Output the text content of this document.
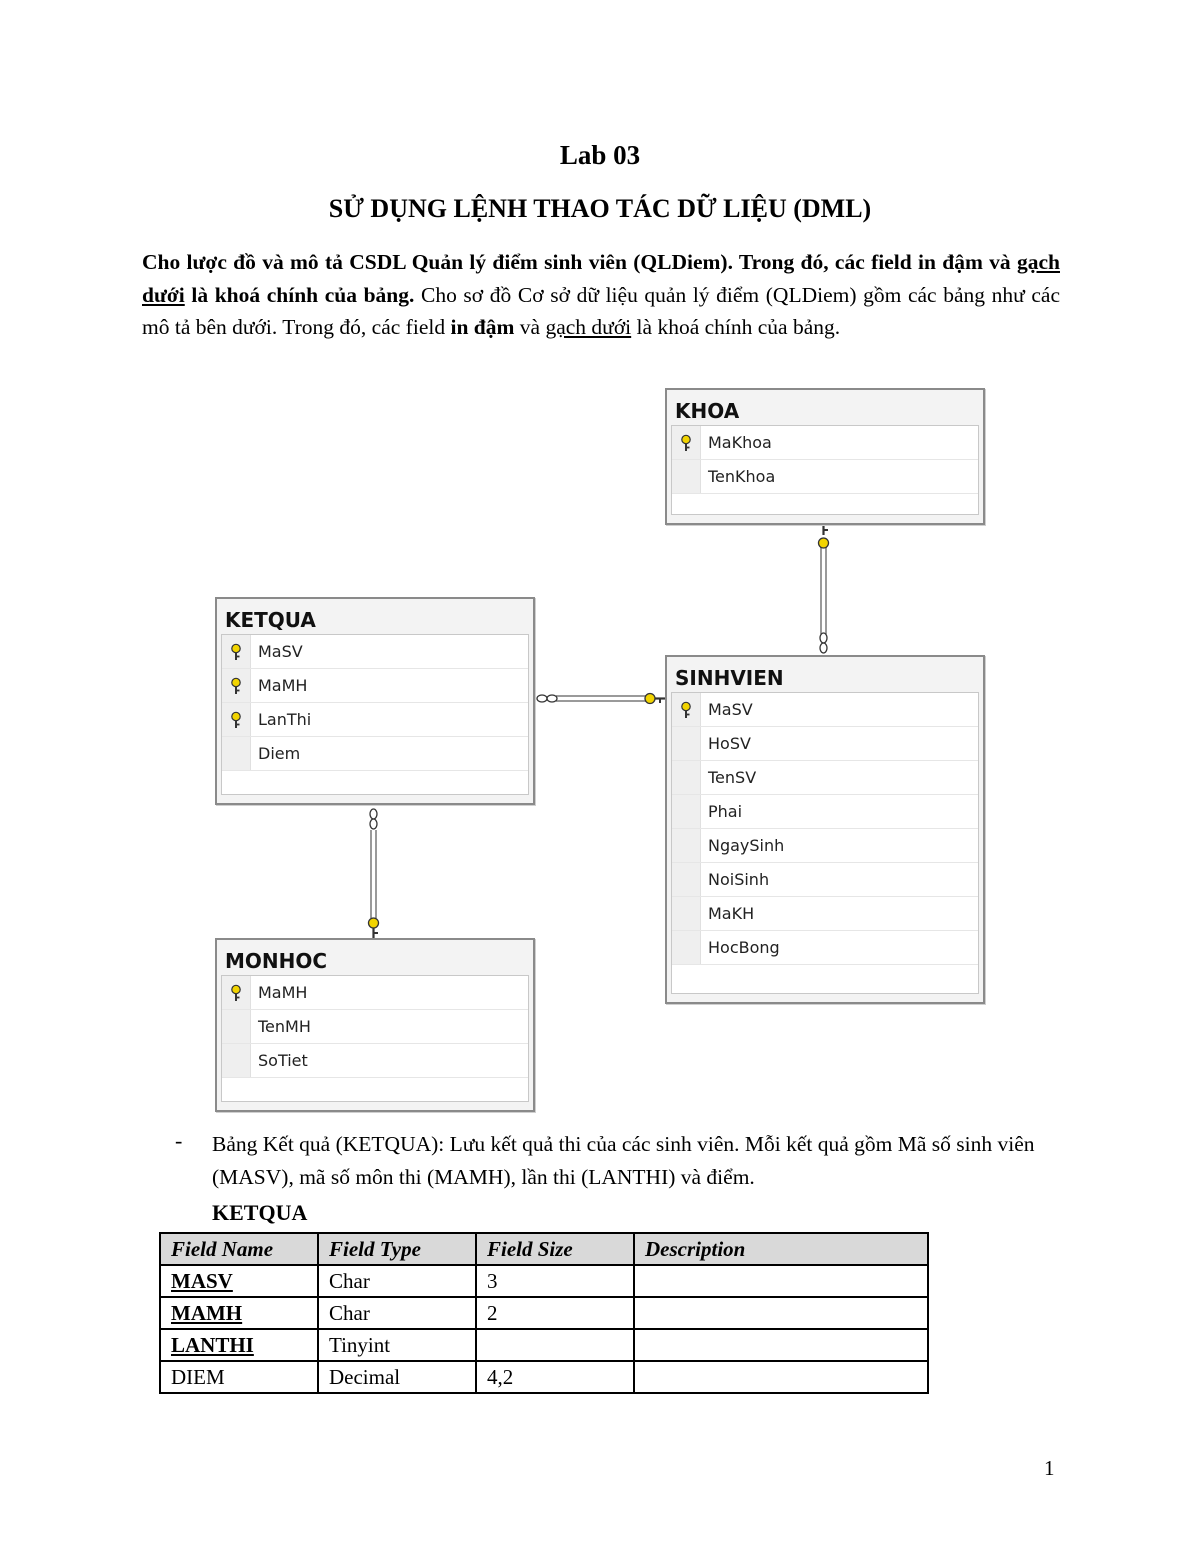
Lab 03
SỬ DỤNG LỆNH THAO TÁC DỮ LIỆU (DML)
Cho lược đồ và mô tả CSDL Quản lý điểm sinh viên (QLDiem). Trong đó, các field in đậm và gạch dưới là khoá chính của bảng. Cho sơ đồ Cơ sở dữ liệu quản lý điểm (QLDiem) gồm các bảng như các mô tả bên dưới. Trong đó, các field in đậm và gạch dưới là khoá chính của bảng.
KHOA
MaKhoa
TenKhoa
KETQUA
MaSV
MaMH
LanThi
Diem
SINHVIEN
MaSV
HoSV
TenSV
Phai
NgaySinh
NoiSinh
MaKH
HocBong
MONHOC
MaMH
TenMH
SoTiet
- Bảng Kết quả (KETQUA): Lưu kết quả thi của các sinh viên. Mỗi kết quả gồm Mã số sinh viên (MASV), mã số môn thi (MAMH), lần thi (LANTHI) và điểm.
KETQUA
Field Name	Field Type	Field Size	Description
MASV	Char	3	
MAMH	Char	2	
LANTHI	Tinyint		
DIEM	Decimal	4,2	
1
